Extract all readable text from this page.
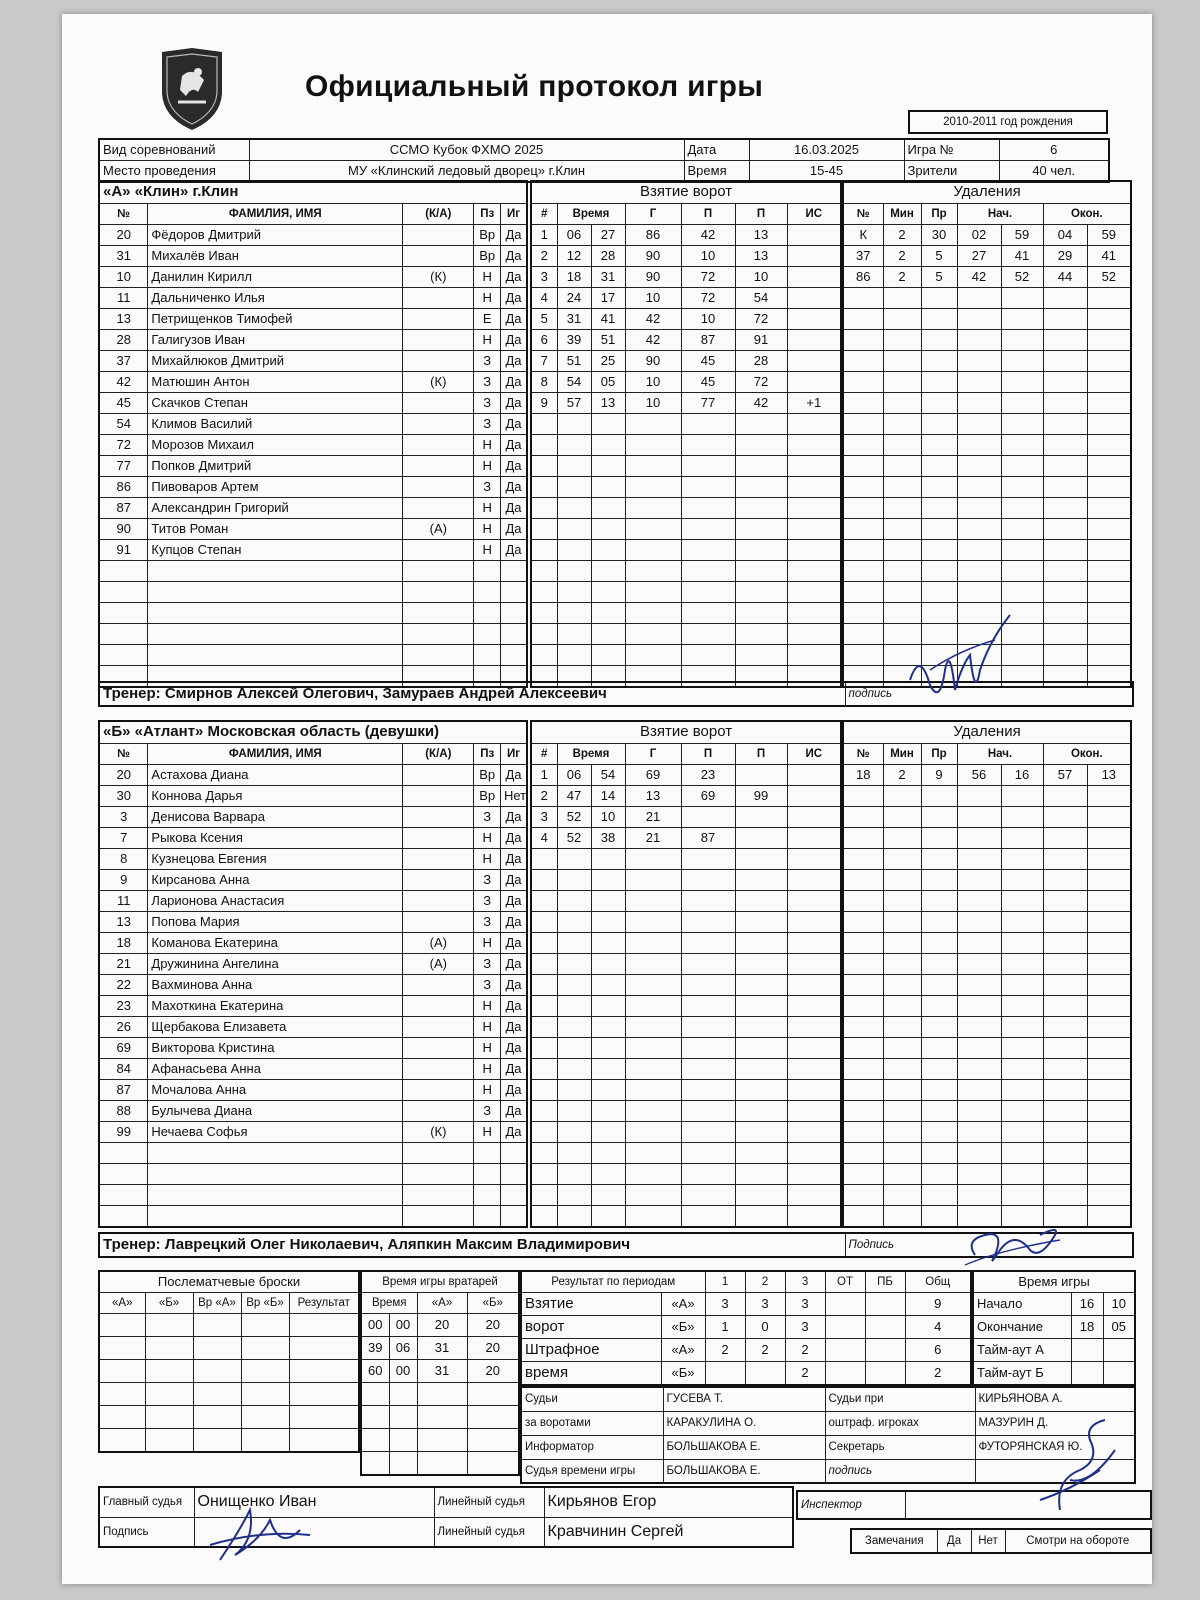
Официальный протокол игры
2010-2011 год рождения
Вид соревнований	ССМО Кубок ФХМО 2025	Дата	16.03.2025	Игра №	6
Место проведения	МУ «Клинский ледовый дворец» г.Клин	Время	15-45	Зрители	40 чел.
«А» «Клин» г.Клин				
№	ФАМИЛИЯ, ИМЯ	(К/А)	Пз	Иг
20	Фёдоров Дмитрий		Вр	Да
31	Михалёв Иван		Вр	Да
10	Данилин Кирилл	(К)	Н	Да
11	Дальниченко Илья		Н	Да
13	Петрищенков Тимофей		Е	Да
28	Галигузов Иван		Н	Да
37	Михайлюков Дмитрий		З	Да
42	Матюшин Антон	(К)	З	Да
45	Скачков Степан		З	Да
54	Климов Василий		З	Да
72	Морозов Михаил		Н	Да
77	Попков Дмитрий		Н	Да
86	Пивоваров Артем		З	Да
87	Александрин Григорий		Н	Да
90	Титов Роман	(А)	Н	Да
91	Купцов Степан		Н	Да

Взятие ворот						
#	Время		Г	П	П	ИС
1	06	27	86	42	13	
2	12	28	90	10	13	
3	18	31	90	72	10	
4	24	17	10	72	54	
5	31	41	42	10	72	
6	39	51	42	87	91	
7	51	25	90	45	28	
8	54	05	10	45	72	
9	57	13	10	77	42	+1

Удаления						
№	Мин	Пр	Нач.		Окон.	
К	2	30	02	59	04	59
37	2	5	27	41	29	41
86	2	5	42	52	44	52

Тренер: Смирнов Алексей Олегович, Замураев Андрей Алексеевич	подпись
«Б» «Атлант» Московская область (девушки)				
№	ФАМИЛИЯ, ИМЯ	(К/А)	Пз	Иг
20	Астахова Диана		Вр	Да
30	Коннова Дарья		Вр	Нет
3	Денисова Варвара		З	Да
7	Рыкова Ксения		Н	Да
8	Кузнецова Евгения		Н	Да
9	Кирсанова Анна		З	Да
11	Ларионова Анастасия		З	Да
13	Попова Мария		З	Да
18	Команова Екатерина	(А)	Н	Да
21	Дружинина Ангелина	(А)	З	Да
22	Вахминова Анна		З	Да
23	Махоткина Екатерина		Н	Да
26	Щербакова Елизавета		Н	Да
69	Викторова Кристина		Н	Да
84	Афанасьева Анна		Н	Да
87	Мочалова Анна		Н	Да
88	Булычева Диана		З	Да
99	Нечаева Софья	(К)	Н	Да

Взятие ворот						
#	Время		Г	П	П	ИС
1	06	54	69	23		
2	47	14	13	69	99	
3	52	10	21			
4	52	38	21	87		

Удаления						
№	Мин	Пр	Нач.		Окон.	
18	2	9	56	16	57	13

Тренер: Лаврецкий Олег Николаевич, Аляпкин Максим Владимирович	Подпись
Послематчевые броски				
«А»	«Б»	Вр «А»	Вр «Б»	Результат

Время игры вратарей			
Время		«А»	«Б»
00	00	20	20
39	06	31	20
60	00	31	20

Результат по периодам		1	2	3	ОТ	ПБ	Общ
Взятие	«А»	3	3	3			9
ворот	«Б»	1	0	3			4
Штрафное	«А»	2	2	2			6
время	«Б»			2			2
Время игры		
Начало	16	10
Окончание	18	05
Тайм-аут А		
Тайм-аут Б		
Судьи	ГУСЕВА Т.	Судьи при	КИРЬЯНОВА А.
за воротами	КАРАКУЛИНА О.	оштраф. игроках	МАЗУРИН Д.
Информатор	БОЛЬШАКОВА Е.	Секретарь	ФУТОРЯНСКАЯ Ю.
Судья времени игры	БОЛЬШАКОВА Е.	подпись	
Главный судья	Онищенко Иван	Линейный судья	Кирьянов Егор
Подпись		Линейный судья	Кравчинин Сергей
Инспектор	
Замечания	Да	Нет	Смотри на обороте
